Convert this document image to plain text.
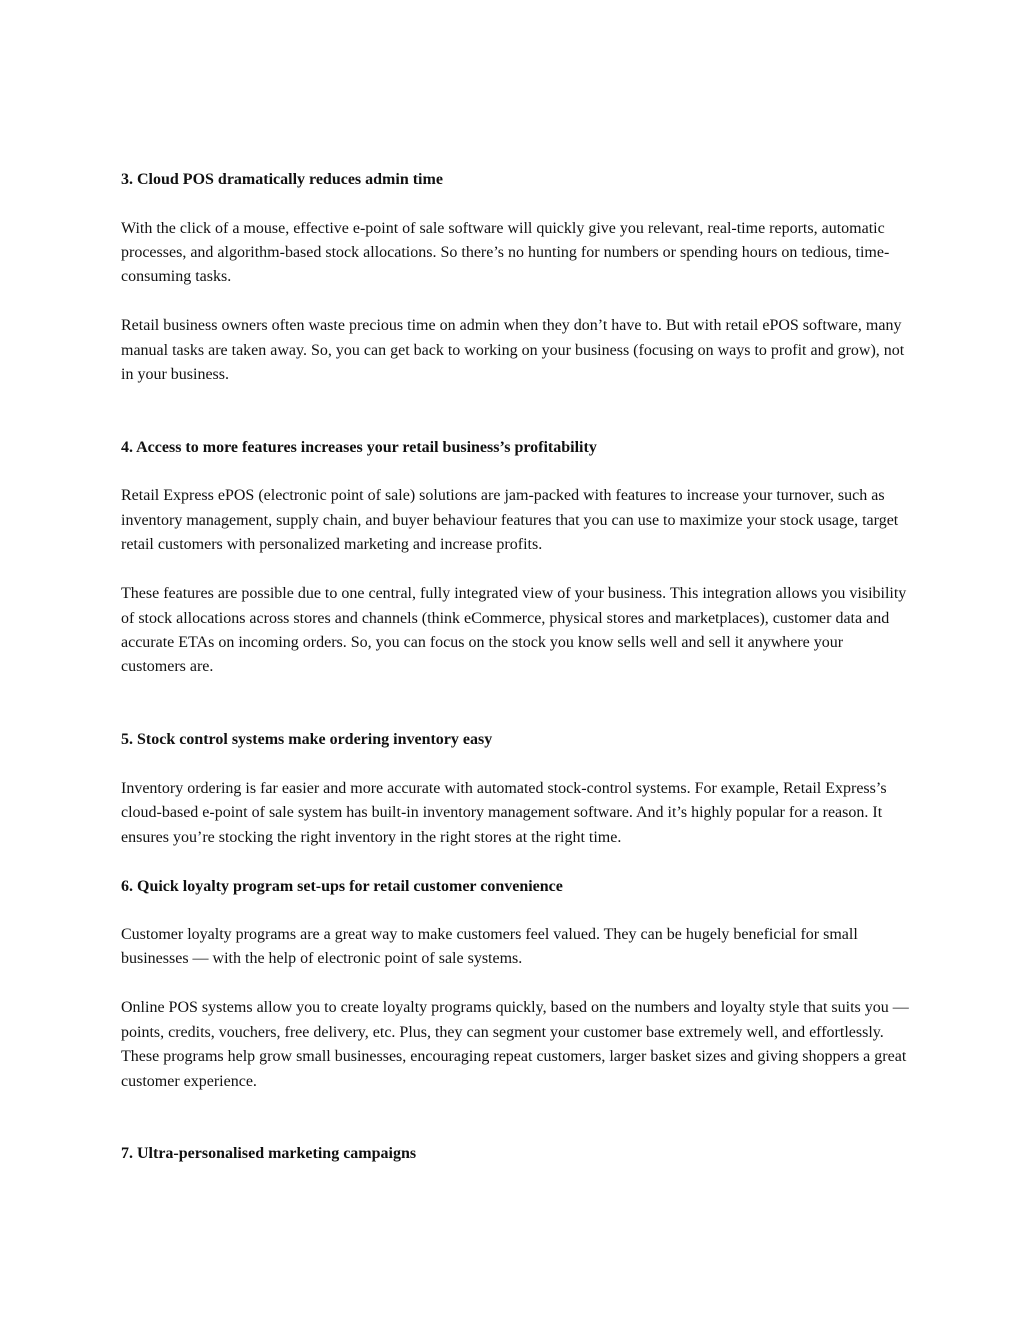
3. Cloud POS dramatically reduces admin time

With the click of a mouse, effective e-point of sale software will quickly give you relevant, real-time reports, automatic processes, and algorithm-based stock allocations. So there’s no hunting for numbers or spending hours on tedious, time-consuming tasks.

Retail business owners often waste precious time on admin when they don’t have to. But with retail ePOS software, many manual tasks are taken away. So, you can get back to working on your business (focusing on ways to profit and grow), not in your business.

4. Access to more features increases your retail business’s profitability

Retail Express ePOS (electronic point of sale) solutions are jam-packed with features to increase your turnover, such as inventory management, supply chain, and buyer behaviour features that you can use to maximize your stock usage, target retail customers with personalized marketing and increase profits.

These features are possible due to one central, fully integrated view of your business. This integration allows you visibility of stock allocations across stores and channels (think eCommerce, physical stores and marketplaces), customer data and accurate ETAs on incoming orders. So, you can focus on the stock you know sells well and sell it anywhere your customers are.

5. Stock control systems make ordering inventory easy

Inventory ordering is far easier and more accurate with automated stock-control systems. For example, Retail Express’s cloud-based e-point of sale system has built-in inventory management software. And it’s highly popular for a reason. It ensures you’re stocking the right inventory in the right stores at the right time.

6. Quick loyalty program set-ups for retail customer convenience

Customer loyalty programs are a great way to make customers feel valued. They can be hugely beneficial for small businesses — with the help of electronic point of sale systems.

Online POS systems allow you to create loyalty programs quickly, based on the numbers and loyalty style that suits you — points, credits, vouchers, free delivery, etc. Plus, they can segment your customer base extremely well, and effortlessly. These programs help grow small businesses, encouraging repeat customers, larger basket sizes and giving shoppers a great customer experience.

7. Ultra-personalised marketing campaigns
